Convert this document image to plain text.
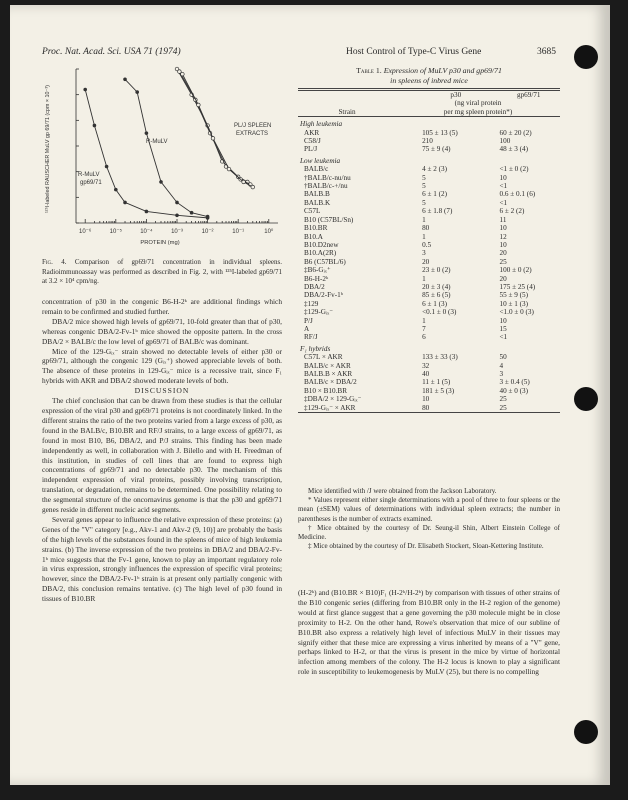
Proc. Nat. Acad. Sci. USA 71 (1974)	Host Control of Type-C Virus Gene	3685
¹²⁵I-labeled RAUSCHER MuLV gp 69/71 (cpm × 10⁻³)
PROTEIN (mg)
R-MuLV
R-MuLV gp69/71
PL/J SPLEEN EXTRACTS
10⁻⁶	10⁻⁵	10⁻⁴	10⁻³	10⁻²	10⁻¹	10⁰
Fig. 4. Comparison of gp69/71 concentration in individual spleens. Radioimmunoassay was performed as described in Fig. 2, with ¹²⁵I-labeled gp69/71 at 3.2 × 10⁴ cpm/ng.

concentration of p30 in the congenic B6-H-2ᵏ are additional findings which remain to be confirmed and studied further.

DBA/2 mice showed high levels of gp69/71, 10-fold greater than that of p30, whereas congenic DBA/2-Fv-1ᵇ mice showed the opposite pattern. In the cross DBA/2 × BALB/c the low level of gp69/71 of BALB/c was dominant.

Mice of the 129-Gᵢₓ⁻ strain showed no detectable levels of either p30 or gp69/71, although the congenic 129 (Gᵢₓ⁺) showed appreciable levels of both. The absence of these proteins in 129-Gᵢₓ⁻ mice is a recessive trait, since F₁ hybrids with AKR and DBA/2 showed moderate levels of both.

DISCUSSION

The chief conclusion that can be drawn from these studies is that the cellular expression of the viral p30 and gp69/71 proteins is not coordinately linked. In the different strains the ratio of the two proteins varied from a large excess of p30, as found in the BALB/c, B10.BR and RF/J strains, to a large excess of gp69/71, as found in most B10, B6, DBA/2, and P/J strains. This finding has been made independently as well, in collaboration with J. Bilello and with H. Freedman of this institution, in studies of cell lines that are found to express high concentrations of gp69/71 and no detectable p30. The mechanism of this independent expression of viral proteins, possibly involving transcription, translation, or degradation, remains to be determined. One possibility relating to the segmental structure of the oncornavirus genome is that the p30 and gp69/71 genes reside in different nucleic acid segments.

Several genes appear to influence the relative expression of these proteins: (a) Genes of the "V" category [e.g., Akv-1 and Akv-2 (9, 10)] are probably the basis of the high levels of the substances found in the spleens of mice of high leukemia strains. (b) The inverse expression of the two proteins in DBA/2 and DBA/2-Fv-1ᵇ mice suggests that the Fv-1 gene, known to play an important regulatory role in virus expression, strongly influences the expression of specific viral proteins; however, since the DBA/2-Fv-1ᵇ strain is at present only partially congenic with DBA/2, this conclusion remains tentative. (c) The high level of p30 found in tissues of B10.BR

Table 1. Expression of MuLV p30 and gp69/71
in spleens of inbred mice
	p30	gp69/71
	(ng viral protein	
Strain	per mg spleen protein*)	
High leukemia		
AKR	105 ± 13 (5)	60 ± 20 (2)
C58/J	210	100
PL/J	75 ± 9 (4)	48 ± 3 (4)
Low leukemia		
BALB/c	4 ± 2 (3)	<1 ± 0 (2)
†BALB/c-nu/nu	5	10
†BALB/c-+/nu	5	<1
BALB.B	6 ± 1 (2)	0.6 ± 0.1 (6)
BALB.K	5	<1
C57L	6 ± 1.8 (7)	6 ± 2 (2)
B10 (C57BL/Sn)	1	11
B10.BR	80	10
B10.A	1	12
B10.D2new	0.5	10
B10.A(2R)	3	20
B6 (C57BL/6)	20	25
‡B6-Gᵢₓ⁺	23 ± 0 (2)	100 ± 0 (2)
B6-H-2ᵏ	1	20
DBA/2	20 ± 3 (4)	175 ± 25 (4)
DBA/2-Fv-1ᵇ	85 ± 6 (5)	55 ± 9 (5)
‡129	6 ± 1 (3)	10 ± 1 (3)
‡129-Gᵢₓ⁻	<0.1 ± 0 (3)	<1.0 ± 0 (3)
P/J	1	10
A	7	15
RF/J	6	<1
F₁ hybrids		
C57L × AKR	133 ± 33 (3)	50
BALB/c × AKR	32	4
BALB.B × AKR	40	3
BALB/c × DBA/2	11 ± 1 (5)	3 ± 0.4 (5)
B10 × B10.BR	181 ± 5 (3)	40 ± 0 (3)
‡DBA/2 × 129-Gᵢₓ⁻	10	25
‡129-Gᵢₓ⁻ × AKR	80	25

Mice identified with /J were obtained from the Jackson Laboratory.

* Values represent either single determinations with a pool of three to four spleens or the mean (±SEM) values of determinations with individual spleen extracts; the number in parentheses is the number of extracts examined.

† Mice obtained by the courtesy of Dr. Seung-il Shin, Albert Einstein College of Medicine.

‡ Mice obtained by the courtesy of Dr. Elisabeth Stockert, Sloan-Kettering Institute.

(H-2ᵏ) and (B10.BR × B10)F₁ (H-2ᵏ/H-2ᵇ) by comparison with tissues of other strains of the B10 congenic series (differing from B10.BR only in the H-2 region of the genome) would at first glance suggest that a gene governing the p30 molecule might be in close proximity to H-2. On the other hand, Rowe's observation that mice of our subline of B10.BR also express a relatively high level of infectious MuLV in their tissues may signify either that these mice are expressing a virus inherited by means of a "V" gene, perhaps linked to H-2, or that the virus is present in the mice by virtue of horizontal infection among members of the colony. The H-2 locus is known to play a significant role in susceptibility to leukemogenesis by MuLV (25), but there is no compelling
